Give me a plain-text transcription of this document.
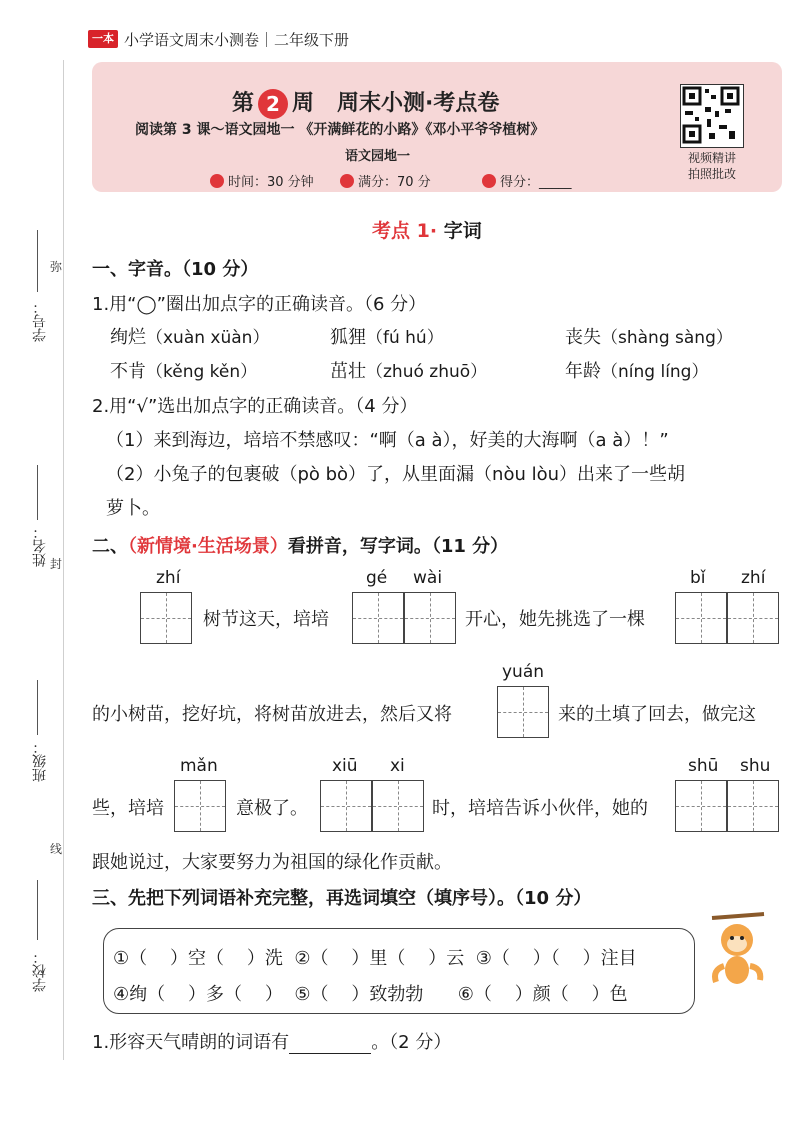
一本 小学语文周末小测卷｜二年级下册
第 2 周 周末小测·考点卷
阅读第 3 课～语文园地一 《开满鲜花的小路》《邓小平爷爷植树》
语文园地一
时间：30 分钟	满分：70 分	得分：_____
视频精讲
拍照批改
学校：
班级：
姓名：
学号：
弥
封
线
考点 1· 字词
一、字音。（10 分）
1.用“◯”圈出加点字的正确读音。（6 分）
绚烂（xuàn xüàn）	狐狸（fú hú）	丧失（shàng sàng）
不肯（kěng kěn）	茁壮（zhuó zhuō）	年龄（níng líng）
2.用“√”选出加点字的正确读音。（4 分）
（1）来到海边，培培不禁感叹：“啊（a à），好美的大海啊（a à）！”
（2）小兔子的包裹破（pò bò）了，从里面漏（nòu lòu）出来了一些胡
萝卜。
二、（新情境·生活场景）看拼音，写字词。（11 分）
zhí
树节这天，培培
gé wài
开心，她先挑选了一棵
bǐ zhí
yuán
的小树苗，挖好坑，将树苗放进去，然后又将	来的土填了回去，做完这
mǎn
些，培培	意极了。
xiū xi
时，培培告诉小伙伴，她的
shū shu
跟她说过，大家要努力为祖国的绿化作贡献。
三、先把下列词语补充完整，再选词填空（填序号）。（10 分）
①（    ）空（    ）洗  ②（    ）里（    ）云  ③（    ）（    ）注目
④绚（    ）多（    ）  ⑤（    ）致勃勃      ⑥（    ）颜（    ）色
1.形容天气晴朗的词语有	。（2 分）
